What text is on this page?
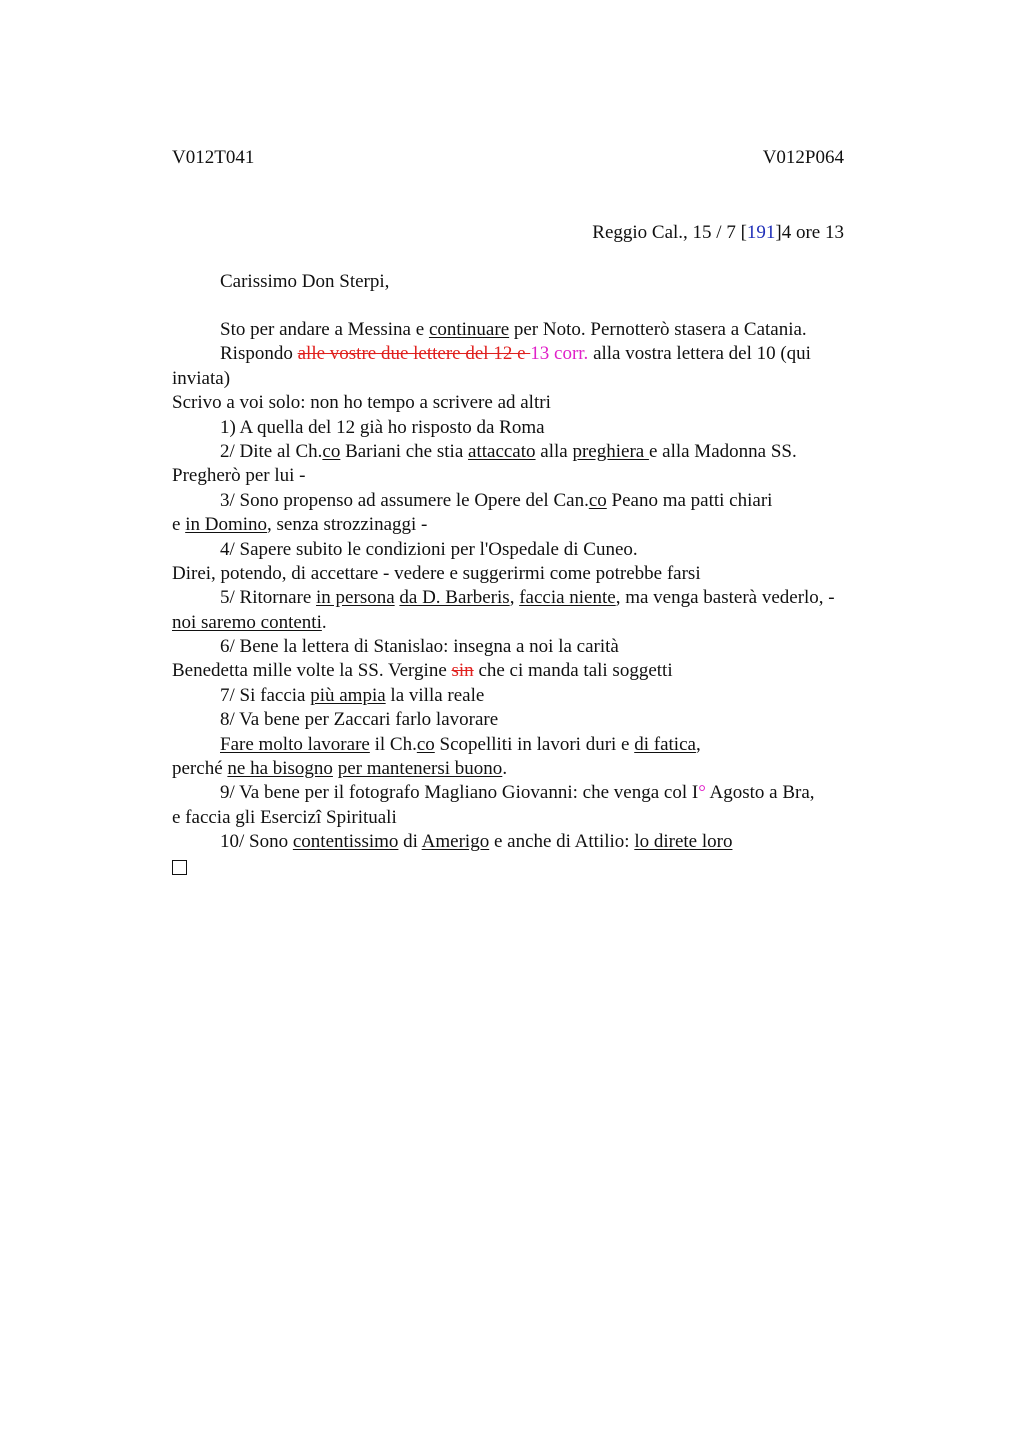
V012T041	V012P064
Reggio Cal., 15 / 7 [191]4 ore 13
Carissimo Don Sterpi,
Sto per andare a Messina e continuare per Noto. Pernotterò stasera a Catania.
Rispondo alle vostre due lettere del 12 e 13 corr. alla vostra lettera del 10 (qui
inviata)
Scrivo a voi solo: non ho tempo a scrivere ad altri
1) A quella del 12 già ho risposto da Roma
2/ Dite al Ch.co Bariani che stia attaccato alla preghiera e alla Madonna SS.
Pregherò per lui -
3/ Sono propenso ad assumere le Opere del Can.co Peano ma patti chiari
e in Domino, senza strozzinaggi -
4/ Sapere subito le condizioni per l'Ospedale di Cuneo.
Direi, potendo, di accettare - vedere e suggerirmi come potrebbe farsi
5/ Ritornare in persona da D. Barberis, faccia niente, ma venga basterà vederlo, -
noi saremo contenti.
6/ Bene la lettera di Stanislao: insegna a noi la carità
Benedetta mille volte la SS. Vergine sin che ci manda tali soggetti
7/ Si faccia più ampia la villa reale
8/ Va bene per Zaccari farlo lavorare
Fare molto lavorare il Ch.co Scopelliti in lavori duri e di fatica,
perché ne ha bisogno per mantenersi buono.
9/ Va bene per il fotografo Magliano Giovanni: che venga col I° Agosto a Bra,
e faccia gli Esercizî Spirituali
10/ Sono contentissimo di Amerigo e anche di Attilio: lo direte loro
